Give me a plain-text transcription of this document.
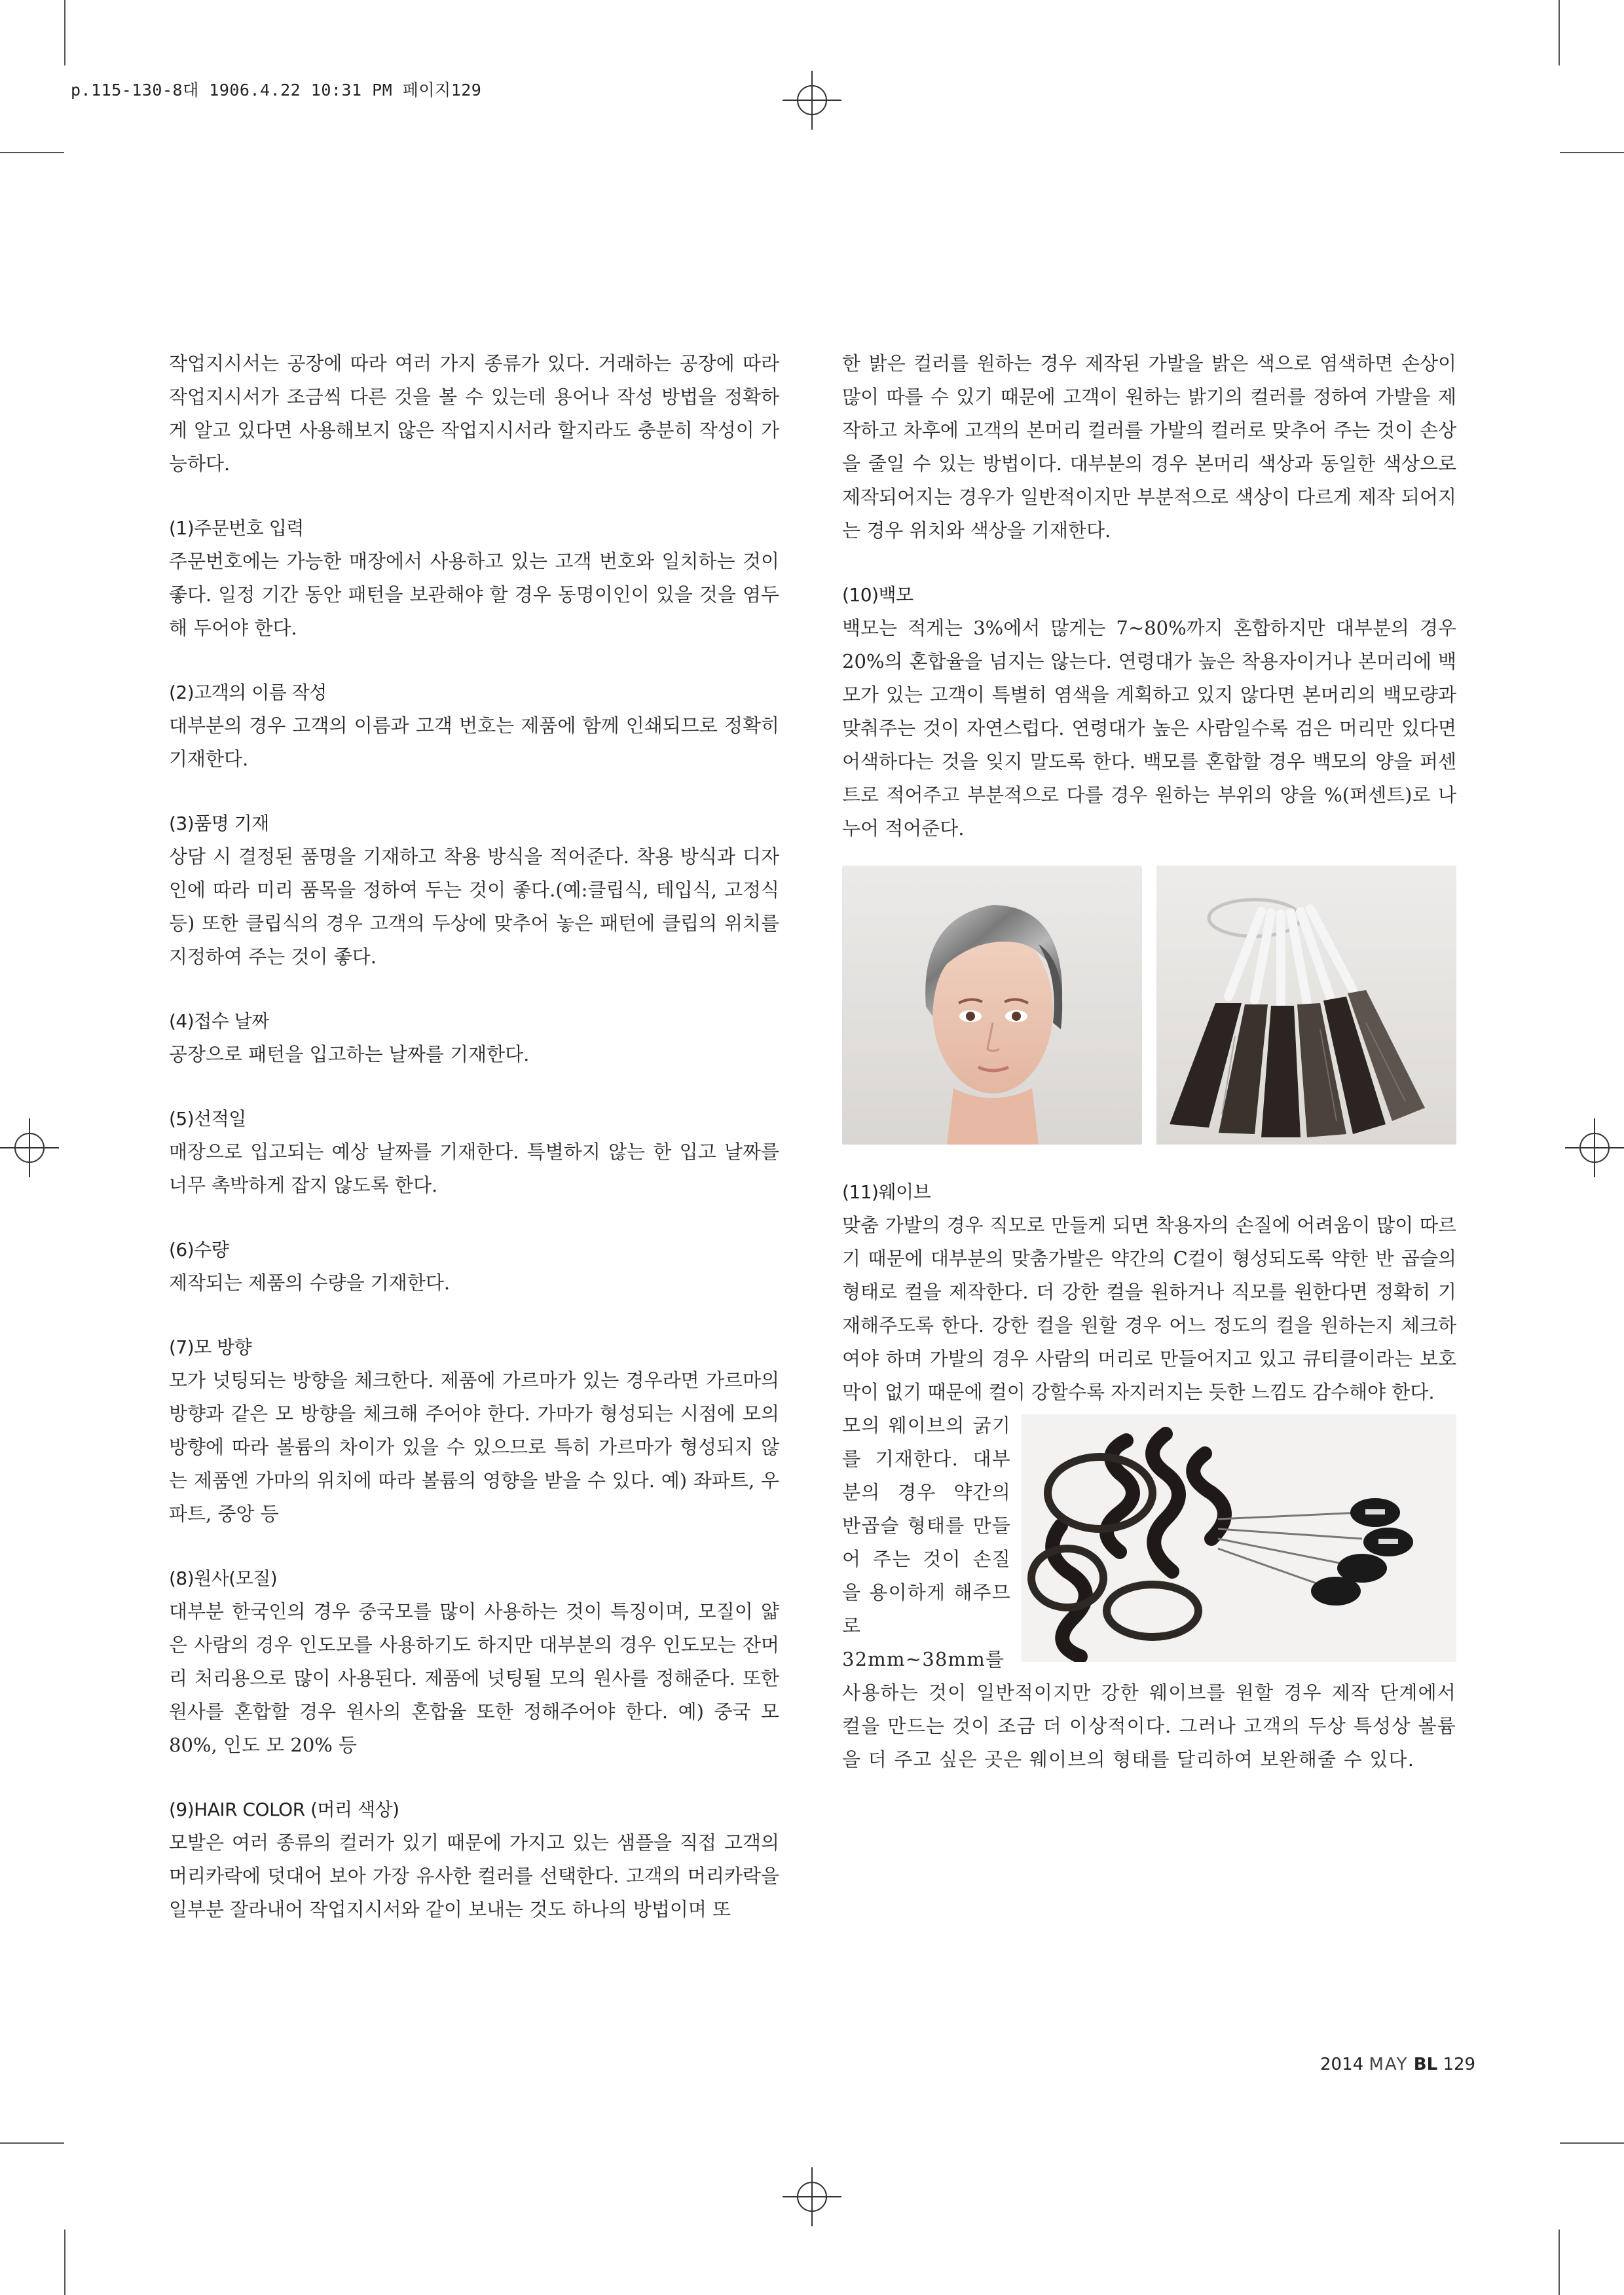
p.115-130-8대 1906.4.22 10:31 PM 페이지129

작업지시서는 공장에 따라 여러 가지 종류가 있다. 거래하는 공장에 따라 작업지시서가 조금씩 다른 것을 볼 수 있는데 용어나 작성 방법을 정확하게 알고 있다면 사용해보지 않은 작업지시서라 할지라도 충분히 작성이 가능하다.

(1)주문번호 입력

주문번호에는 가능한 매장에서 사용하고 있는 고객 번호와 일치하는 것이 좋다. 일정 기간 동안 패턴을 보관해야 할 경우 동명이인이 있을 것을 염두 해 두어야 한다.

(2)고객의 이름 작성

대부분의 경우 고객의 이름과 고객 번호는 제품에 함께 인쇄되므로 정확히 기재한다.

(3)품명 기재

상담 시 결정된 품명을 기재하고 착용 방식을 적어준다. 착용 방식과 디자인에 따라 미리 품목을 정하여 두는 것이 좋다.(예:클립식, 테입식, 고정식등) 또한 클립식의 경우 고객의 두상에 맞추어 놓은 패턴에 클립의 위치를 지정하여 주는 것이 좋다.

(4)접수 날짜

공장으로 패턴을 입고하는 날짜를 기재한다.

(5)선적일

매장으로 입고되는 예상 날짜를 기재한다. 특별하지 않는 한 입고 날짜를 너무 촉박하게 잡지 않도록 한다.

(6)수량

제작되는 제품의 수량을 기재한다.

(7)모 방향

모가 넛팅되는 방향을 체크한다. 제품에 가르마가 있는 경우라면 가르마의 방향과 같은 모 방향을 체크해 주어야 한다. 가마가 형성되는 시점에 모의 방향에 따라 볼륨의 차이가 있을 수 있으므로 특히 가르마가 형성되지 않는 제품엔 가마의 위치에 따라 볼륨의 영향을 받을 수 있다. 예) 좌파트, 우 파트, 중앙 등

(8)원사(모질)

대부분 한국인의 경우 중국모를 많이 사용하는 것이 특징이며, 모질이 얇은 사람의 경우 인도모를 사용하기도 하지만 대부분의 경우 인도모는 잔머리 처리용으로 많이 사용된다. 제품에 넛팅될 모의 원사를 정해준다. 또한 원사를 혼합할 경우 원사의 혼합율 또한 정해주어야 한다. 예) 중국 모 80%, 인도 모 20% 등

(9)HAIR COLOR (머리 색상)

모발은 여러 종류의 컬러가 있기 때문에 가지고 있는 샘플을 직접 고객의 머리카락에 덧대어 보아 가장 유사한 컬러를 선택한다. 고객의 머리카락을 일부분 잘라내어 작업지시서와 같이 보내는 것도 하나의 방법이며 또

한 밝은 컬러를 원하는 경우 제작된 가발을 밝은 색으로 염색하면 손상이 많이 따를 수 있기 때문에 고객이 원하는 밝기의 컬러를 정하여 가발을 제작하고 차후에 고객의 본머리 컬러를 가발의 컬러로 맞추어 주는 것이 손상을 줄일 수 있는 방법이다. 대부분의 경우 본머리 색상과 동일한 색상으로 제작되어지는 경우가 일반적이지만 부분적으로 색상이 다르게 제작 되어지는 경우 위치와 색상을 기재한다.

(10)백모

백모는 적게는 3%에서 많게는 7~80%까지 혼합하지만 대부분의 경우 20%의 혼합율을 넘지는 않는다. 연령대가 높은 착용자이거나 본머리에 백모가 있는 고객이 특별히 염색을 계획하고 있지 않다면 본머리의 백모량과 맞춰주는 것이 자연스럽다. 연령대가 높은 사람일수록 검은 머리만 있다면 어색하다는 것을 잊지 말도록 한다. 백모를 혼합할 경우 백모의 양을 퍼센트로 적어주고 부분적으로 다를 경우 원하는 부위의 양을 %(퍼센트)로 나누어 적어준다.

(11)웨이브

맞춤 가발의 경우 직모로 만들게 되면 착용자의 손질에 어려움이 많이 따르기 때문에 대부분의 맞춤가발은 약간의 C컬이 형성되도록 약한 반 곱슬의 형태로 컬을 제작한다. 더 강한 컬을 원하거나 직모를 원한다면 정확히 기재해주도록 한다. 강한 컬을 원할 경우 어느 정도의 컬을 원하는지 체크하여야 하며 가발의 경우 사람의 머리로 만들어지고 있고 큐티클이라는 보호막이 없기 때문에 컬이 강할수록 자지러지는 듯한 느낌도 감수해야 한다.

모의 웨이브의 굵기를 기재한다. 대부분의 경우 약간의 반곱슬 형태를 만들어 주는 것이 손질을 용이하게 해주므로 32mm~38mm를 사용하는 것이 일반적이지만 강한 웨이브를 원할 경우 제작 단계에서 컬을 만드는 것이 조금 더 이상적이다. 그러나 고객의 두상 특성상 볼륨을 더 주고 싶은 곳은 웨이브의 형태를 달리하여 보완해줄 수 있다.

2014 MAY BL 129
